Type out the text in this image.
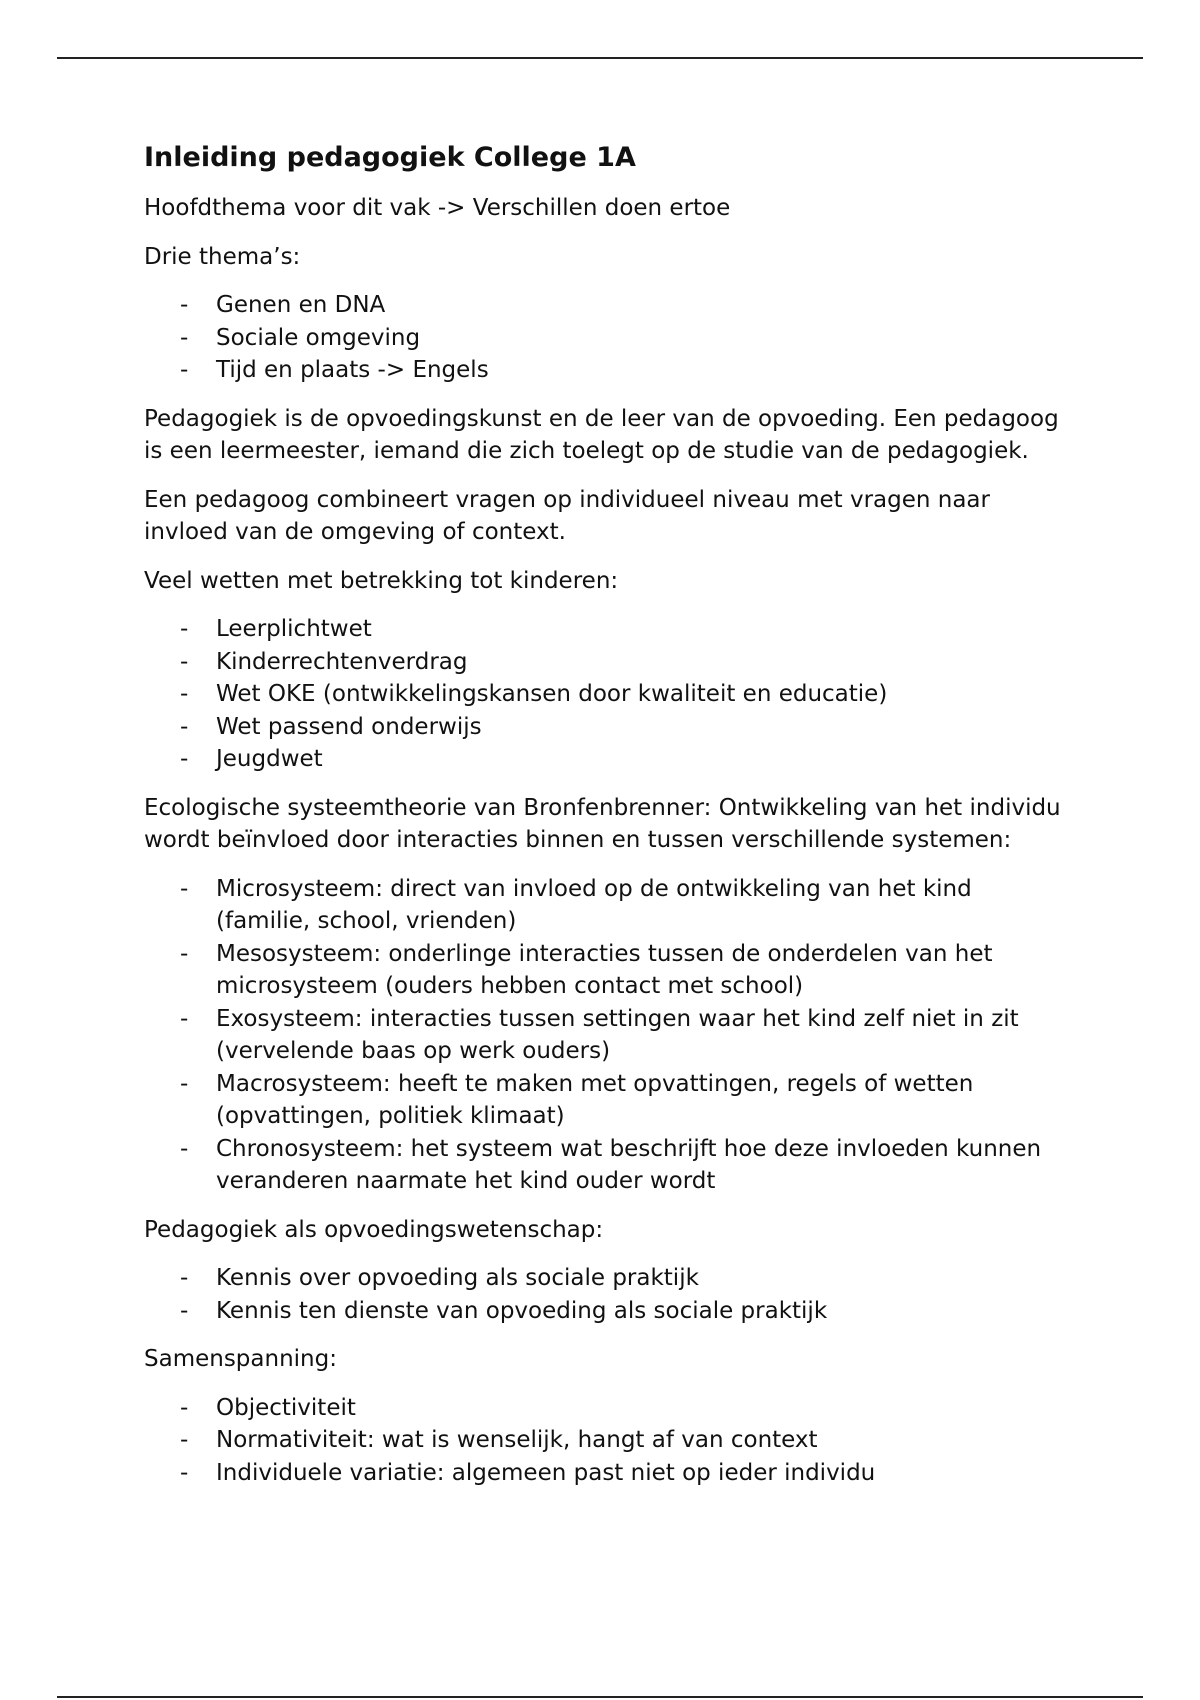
Inleiding pedagogiek College 1A

Hoofdthema voor dit vak -> Verschillen doen ertoe

Drie thema’s:

- Genen en DNA
- Sociale omgeving
- Tijd en plaats -> Engels

Pedagogiek is de opvoedingskunst en de leer van de opvoeding. Een pedagoog is een leermeester, iemand die zich toelegt op de studie van de pedagogiek.

Een pedagoog combineert vragen op individueel niveau met vragen naar invloed van de omgeving of context.

Veel wetten met betrekking tot kinderen:

- Leerplichtwet
- Kinderrechtenverdrag
- Wet OKE (ontwikkelingskansen door kwaliteit en educatie)
- Wet passend onderwijs
- Jeugdwet

Ecologische systeemtheorie van Bronfenbrenner: Ontwikkeling van het individu wordt beïnvloed door interacties binnen en tussen verschillende systemen:

- Microsysteem: direct van invloed op de ontwikkeling van het kind (familie, school, vrienden)
- Mesosysteem: onderlinge interacties tussen de onderdelen van het microsysteem (ouders hebben contact met school)
- Exosysteem: interacties tussen settingen waar het kind zelf niet in zit (vervelende baas op werk ouders)
- Macrosysteem: heeft te maken met opvattingen, regels of wetten (opvattingen, politiek klimaat)
- Chronosysteem: het systeem wat beschrijft hoe deze invloeden kunnen veranderen naarmate het kind ouder wordt

Pedagogiek als opvoedingswetenschap:

- Kennis over opvoeding als sociale praktijk
- Kennis ten dienste van opvoeding als sociale praktijk

Samenspanning:

- Objectiviteit
- Normativiteit: wat is wenselijk, hangt af van context
- Individuele variatie: algemeen past niet op ieder individu
